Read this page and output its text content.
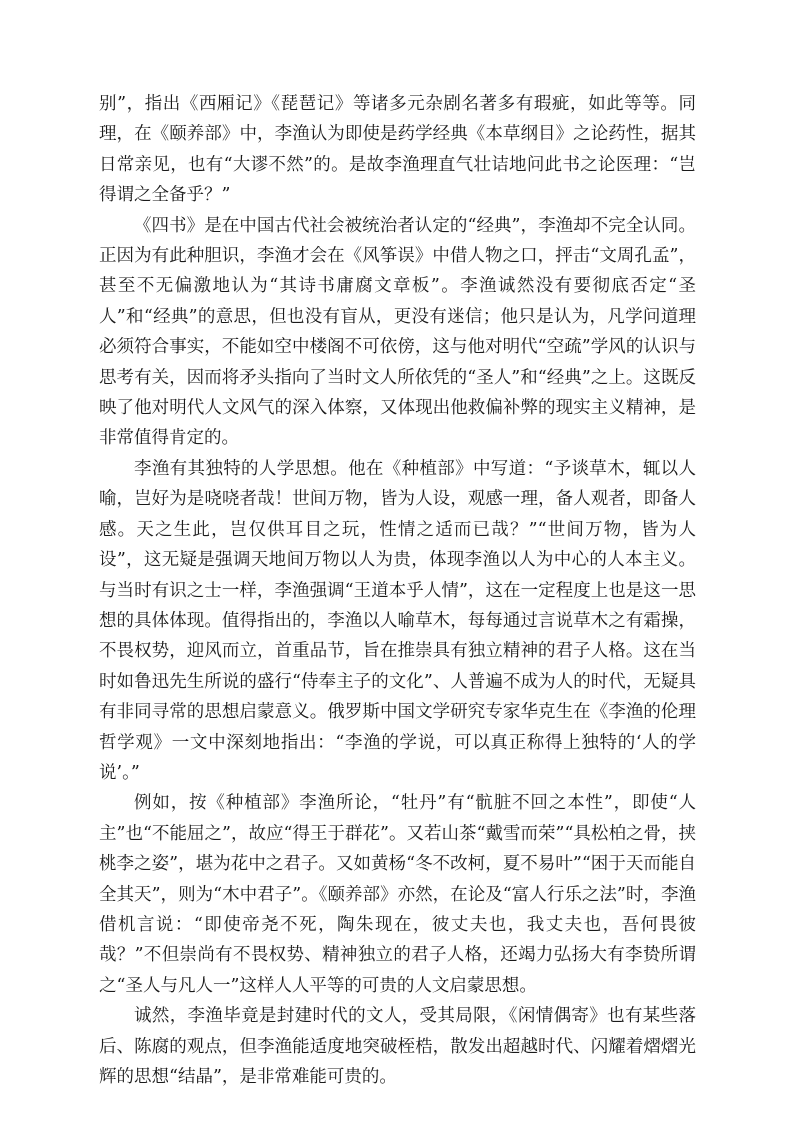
别”，指出《西厢记》《琵琶记》等诸多元杂剧名著多有瑕疵，如此等等。同理，在《颐养部》中，李渔认为即使是药学经典《本草纲目》之论药性，据其日常亲见，也有“大谬不然”的。是故李渔理直气壮诘地问此书之论医理：“岂得谓之全备乎？”

《四书》是在中国古代社会被统治者认定的“经典”，李渔却不完全认同。正因为有此种胆识，李渔才会在《风筝误》中借人物之口，抨击“文周孔孟”，甚至不无偏激地认为“其诗书庸腐文章板”。李渔诚然没有要彻底否定“圣人”和“经典”的意思，但也没有盲从，更没有迷信；他只是认为，凡学问道理必须符合事实，不能如空中楼阁不可依傍，这与他对明代“空疏”学风的认识与思考有关，因而将矛头指向了当时文人所依凭的“圣人”和“经典”之上。这既反映了他对明代人文风气的深入体察，又体现出他救偏补弊的现实主义精神，是非常值得肯定的。

李渔有其独特的人学思想。他在《种植部》中写道：“予谈草木，辄以人喻，岂好为是哓哓者哉！世间万物，皆为人设，观感一理，备人观者，即备人感。天之生此，岂仅供耳目之玩，性情之适而已哉？”“世间万物，皆为人设”，这无疑是强调天地间万物以人为贵，体现李渔以人为中心的人本主义。与当时有识之士一样，李渔强调“王道本乎人情”，这在一定程度上也是这一思想的具体体现。值得指出的，李渔以人喻草木，每每通过言说草木之有霜操，不畏权势，迎风而立，首重品节，旨在推崇具有独立精神的君子人格。这在当时如鲁迅先生所说的盛行“侍奉主子的文化”、人普遍不成为人的时代，无疑具有非同寻常的思想启蒙意义。俄罗斯中国文学研究专家华克生在《李渔的伦理哲学观》一文中深刻地指出：“李渔的学说，可以真正称得上独特的‘人的学说’。”

例如，按《种植部》李渔所论，“牡丹”有“骯脏不回之本性”，即使“人主”也“不能屈之”，故应“得王于群花”。又若山茶“戴雪而荣”“具松柏之骨，挟桃李之姿”，堪为花中之君子。又如黄杨“冬不改柯，夏不易叶”“困于天而能自全其天”，则为“木中君子”。《颐养部》亦然，在论及“富人行乐之法”时，李渔借机言说：“即使帝尧不死，陶朱现在，彼丈夫也，我丈夫也，吾何畏彼哉？”不但崇尚有不畏权势、精神独立的君子人格，还竭力弘扬大有李贽所谓之“圣人与凡人一”这样人人平等的可贵的人文启蒙思想。

诚然，李渔毕竟是封建时代的文人，受其局限，《闲情偶寄》也有某些落后、陈腐的观点，但李渔能适度地突破桎梏，散发出超越时代、闪耀着熠熠光辉的思想“结晶”，是非常难能可贵的。
